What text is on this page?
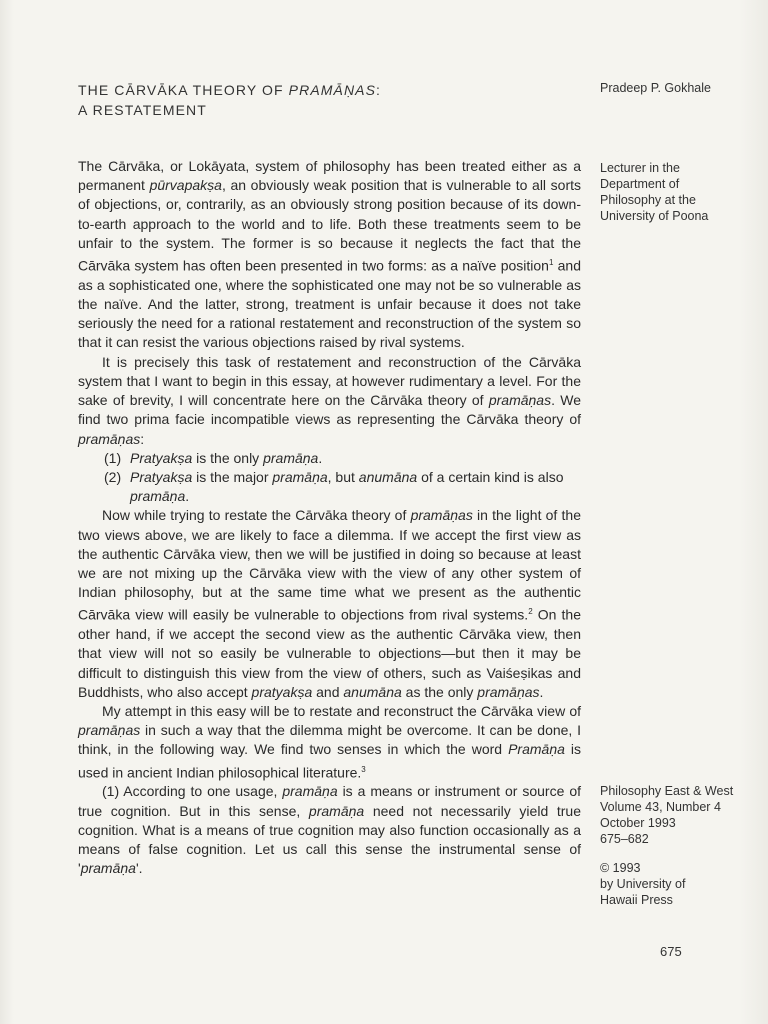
THE CĀRVĀKA THEORY OF PRAMĀṆAS:
A RESTATEMENT
Pradeep P. Gokhale
Lecturer in the
Department of
Philosophy at the
University of Poona

The Cārvāka, or Lokāyata, system of philosophy has been treated either as a permanent pūrvapakṣa, an obviously weak position that is vulnerable to all sorts of objections, or, contrarily, as an obviously strong position because of its down-to-earth approach to the world and to life. Both these treatments seem to be unfair to the system. The former is so because it neglects the fact that the Cārvāka system has often been presented in two forms: as a naïve position$^1$ and as a sophisticated one, where the sophisticated one may not be so vulnerable as the naïve. And the latter, strong, treatment is unfair because it does not take seriously the need for a rational restatement and reconstruction of the system so that it can resist the various objections raised by rival systems.

It is precisely this task of restatement and reconstruction of the Cārvāka system that I want to begin in this essay, at however rudimentary a level. For the sake of brevity, I will concentrate here on the Cārvāka theory of pramāṇas. We find two prima facie incompatible views as representing the Cārvāka theory of pramāṇas:

(1) Pratyakṣa is the only pramāṇa.
(2) Pratyakṣa is the major pramāṇa, but anumāna of a certain kind is also pramāṇa.

Now while trying to restate the Cārvāka theory of pramāṇas in the light of the two views above, we are likely to face a dilemma. If we accept the first view as the authentic Cārvāka view, then we will be justified in doing so because at least we are not mixing up the Cārvāka view with the view of any other system of Indian philosophy, but at the same time what we present as the authentic Cārvāka view will easily be vulnerable to objections from rival systems.$^2$ On the other hand, if we accept the second view as the authentic Cārvāka view, then that view will not so easily be vulnerable to objections—but then it may be difficult to distinguish this view from the view of others, such as Vaiśeṣikas and Buddhists, who also accept pratyakṣa and anumāna as the only pramāṇas.

My attempt in this easy will be to restate and reconstruct the Cārvāka view of pramāṇas in such a way that the dilemma might be overcome. It can be done, I think, in the following way. We find two senses in which the word Pramāṇa is used in ancient Indian philosophical literature.$^3$

(1) According to one usage, pramāṇa is a means or instrument or source of true cognition. But in this sense, pramāṇa need not necessarily yield true cognition. What is a means of true cognition may also function occasionally as a means of false cognition. Let us call this sense the instrumental sense of 'pramāṇa'.

Philosophy East & West
Volume 43, Number 4
October 1993
675–682
© 1993
by University of
Hawaii Press
675
